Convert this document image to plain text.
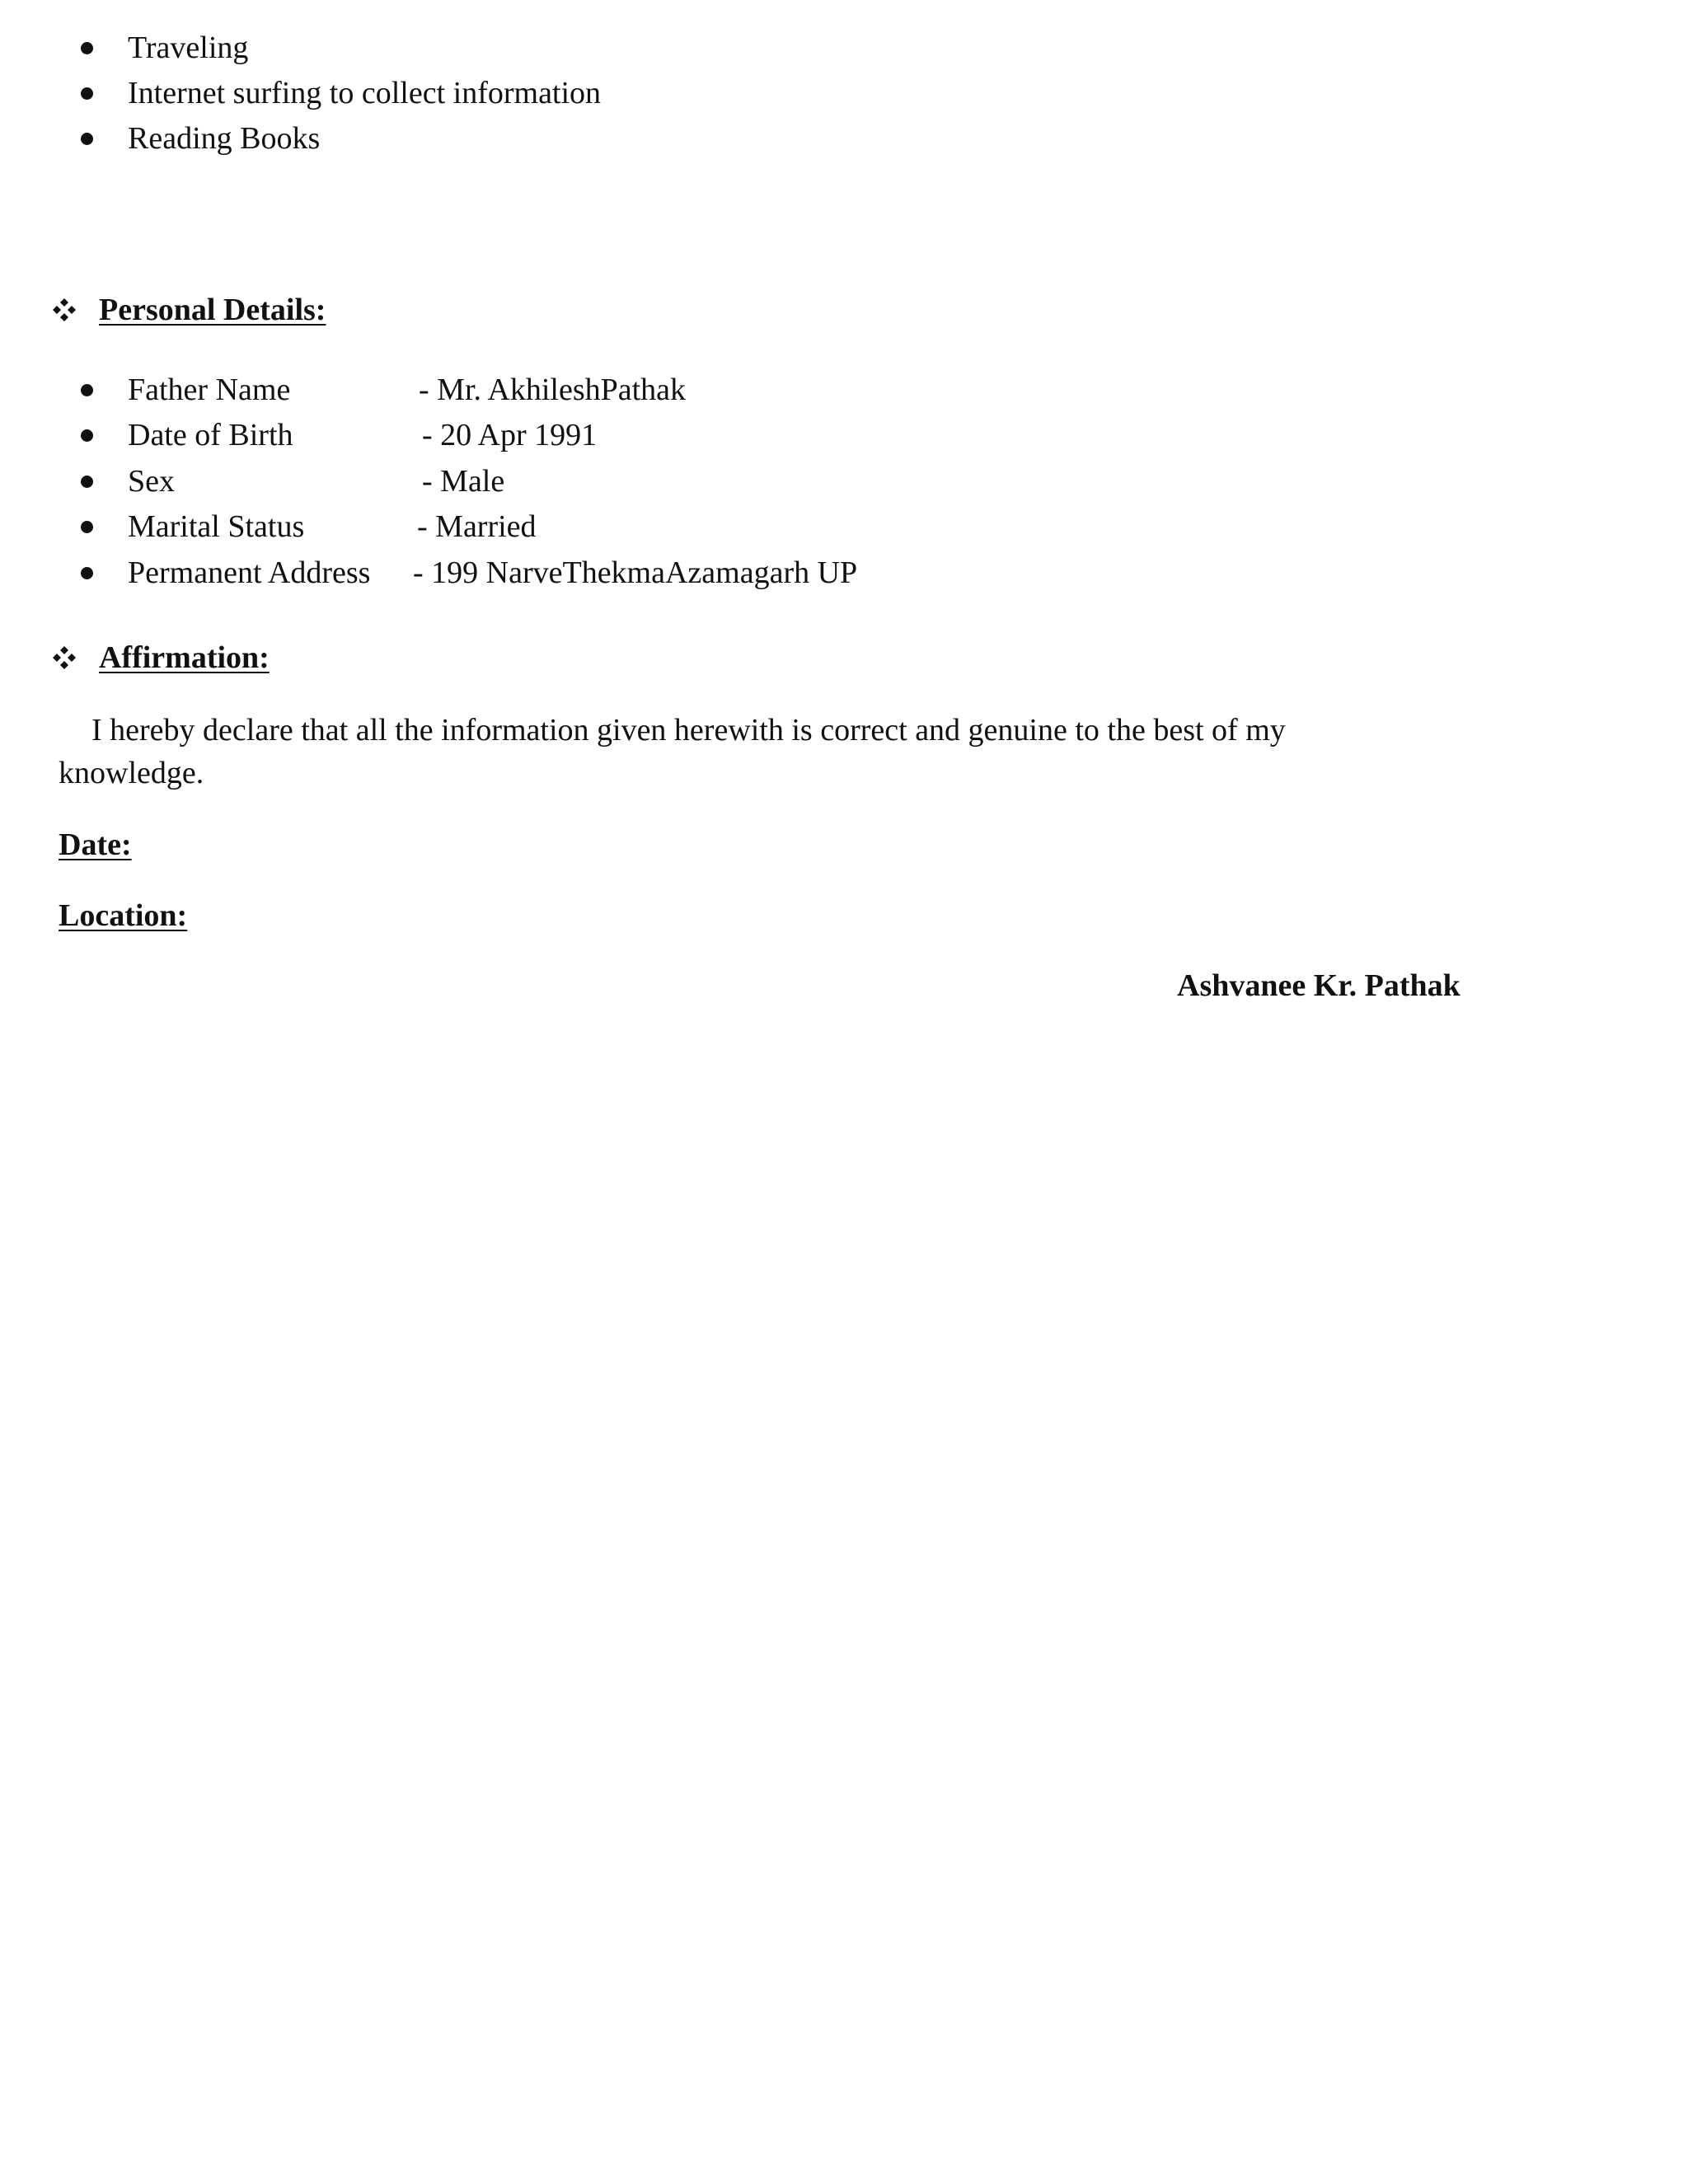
Traveling
Internet surfing to collect information
Reading Books
Personal Details:
Father Name	- Mr. AkhileshPathak
Date of Birth	- 20 Apr 1991
Sex	- Male
Marital Status	- Married
Permanent Address - 199 NarveThekmaAzamagarh UP
Affirmation:
I hereby declare that all the information given herewith is correct and genuine to the best of my
knowledge.
Date:
Location:
Ashvanee Kr. Pathak
